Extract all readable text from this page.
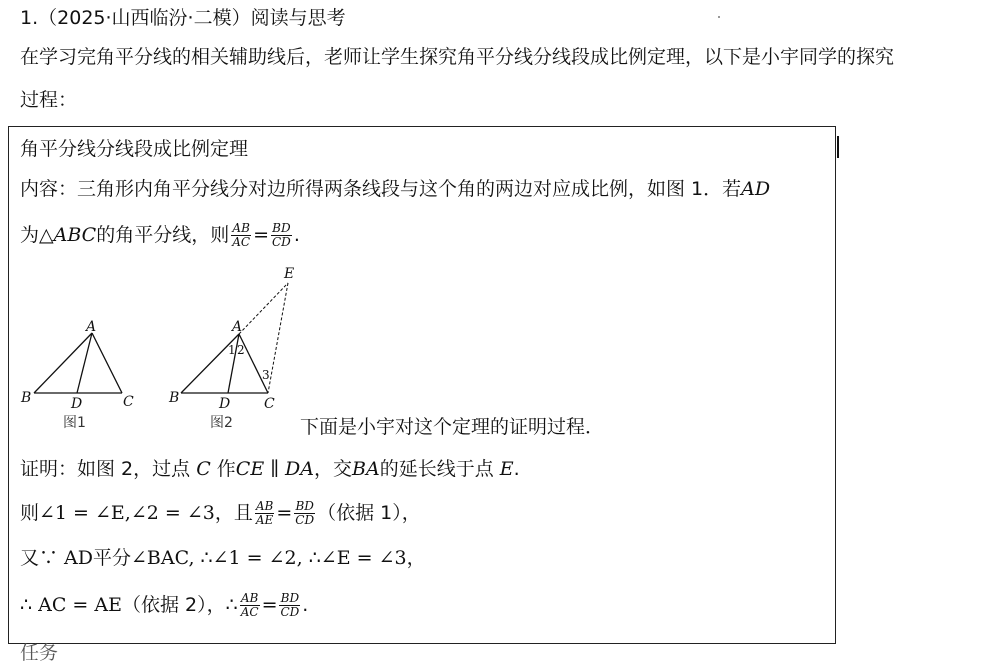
1.（2025·山西临汾·二模）阅读与思考
在学习完角平分线的相关辅助线后，老师让学生探究角平分线分线段成比例定理，以下是小宇同学的探究
过程：
角平分线分线段成比例定理
内容：三角形内角平分线分对边所得两条线段与这个角的两边对应成比例，如图 1．若AD
为△ABC的角平分线，则 $\frac{AB}{AC} = \frac{BD}{CD}$ .
A
B	C
D
图1
A
B	C
D
E
1 2
3
图2	下面是小宇对这个定理的证明过程．
证明：如图 2，过点 C 作CE ∥ DA，交BA的延长线于点 E.
则∠1 = ∠E,∠2 = ∠3，且 $\frac{AB}{AE} = \frac{BD}{CD}$ （依据 1），
又∵ AD平分∠BAC, ∴∠1 = ∠2, ∴∠E = ∠3，
∴ AC = AE（依据 2），∴ $\frac{AB}{AC} = \frac{BD}{CD}$ .
任务
